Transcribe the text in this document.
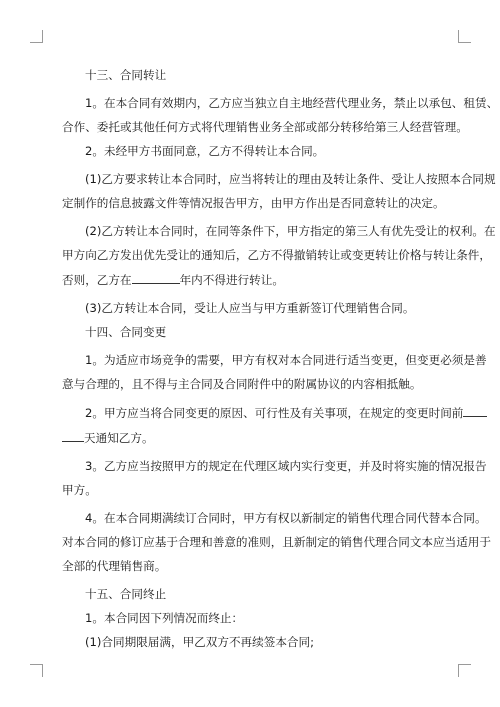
十三、合同转让
1。在本合同有效期内，乙方应当独立自主地经营代理业务，禁止以承包、租赁、
合作、委托或其他任何方式将代理销售业务全部或部分转移给第三人经营管理。
2。未经甲方书面同意，乙方不得转让本合同。
(1)乙方要求转让本合同时，应当将转让的理由及转让条件、受让人按照本合同规
定制作的信息披露文件等情况报告甲方，由甲方作出是否同意转让的决定。
(2)乙方转让本合同时，在同等条件下，甲方指定的第三人有优先受让的权利。在
甲方向乙方发出优先受让的通知后，乙方不得撤销转让或变更转让价格与转让条件，
否则，乙方在	年内不得进行转让。
(3)乙方转让本合同，受让人应当与甲方重新签订代理销售合同。
十四、合同变更
1。为适应市场竞争的需要，甲方有权对本合同进行适当变更，但变更必须是善
意与合理的，且不得与主合同及合同附件中的附属协议的内容相抵触。
2。甲方应当将合同变更的原因、可行性及有关事项，在规定的变更时间前
天通知乙方。
3。乙方应当按照甲方的规定在代理区域内实行变更，并及时将实施的情况报告
甲方。
4。在本合同期满续订合同时，甲方有权以新制定的销售代理合同代替本合同。
对本合同的修订应基于合理和善意的准则，且新制定的销售代理合同文本应当适用于
全部的代理销售商。
十五、合同终止
1。本合同因下列情况而终止：
(1)合同期限届满，甲乙双方不再续签本合同;
